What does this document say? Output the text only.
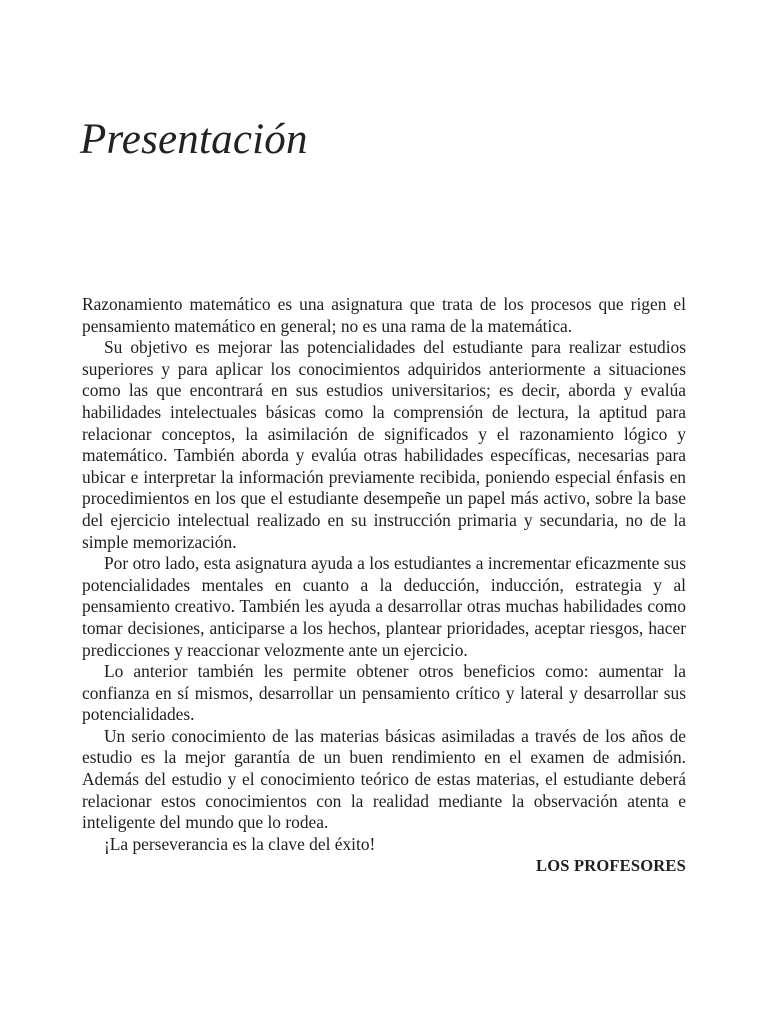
Presentación

Razonamiento matemático es una asignatura que trata de los procesos que rigen el pensamiento matemático en general; no es una rama de la matemática.

Su objetivo es mejorar las potencialidades del estudiante para realizar estudios superiores y para aplicar los conocimientos adquiridos anteriormente a situaciones como las que encontrará en sus estudios universitarios; es decir, aborda y evalúa habilidades intelectuales básicas como la comprensión de lectura, la aptitud para relacionar conceptos, la asimilación de significados y el razonamiento lógico y matemático. También aborda y evalúa otras habilidades específicas, necesarias para ubicar e interpretar la información previamente recibida, poniendo especial énfasis en procedimientos en los que el estudiante desempeñe un papel más activo, sobre la base del ejercicio intelectual realizado en su instrucción primaria y secundaria, no de la simple memorización.

Por otro lado, esta asignatura ayuda a los estudiantes a incrementar eficazmente sus potencialidades mentales en cuanto a la deducción, inducción, estrategia y al pensamiento creativo. También les ayuda a desarrollar otras muchas habilidades como tomar decisiones, anticiparse a los hechos, plantear prioridades, aceptar riesgos, hacer predicciones y reaccionar velozmente ante un ejercicio.

Lo anterior también les permite obtener otros beneficios como: aumentar la confianza en sí mismos, desarrollar un pensamiento crítico y lateral y desarrollar sus potencialidades.

Un serio conocimiento de las materias básicas asimiladas a través de los años de estudio es la mejor garantía de un buen rendimiento en el examen de admisión. Además del estudio y el conocimiento teórico de estas materias, el estudiante deberá relacionar estos conocimientos con la realidad mediante la observación atenta e inteligente del mundo que lo rodea.

¡La perseverancia es la clave del éxito!

LOS PROFESORES
